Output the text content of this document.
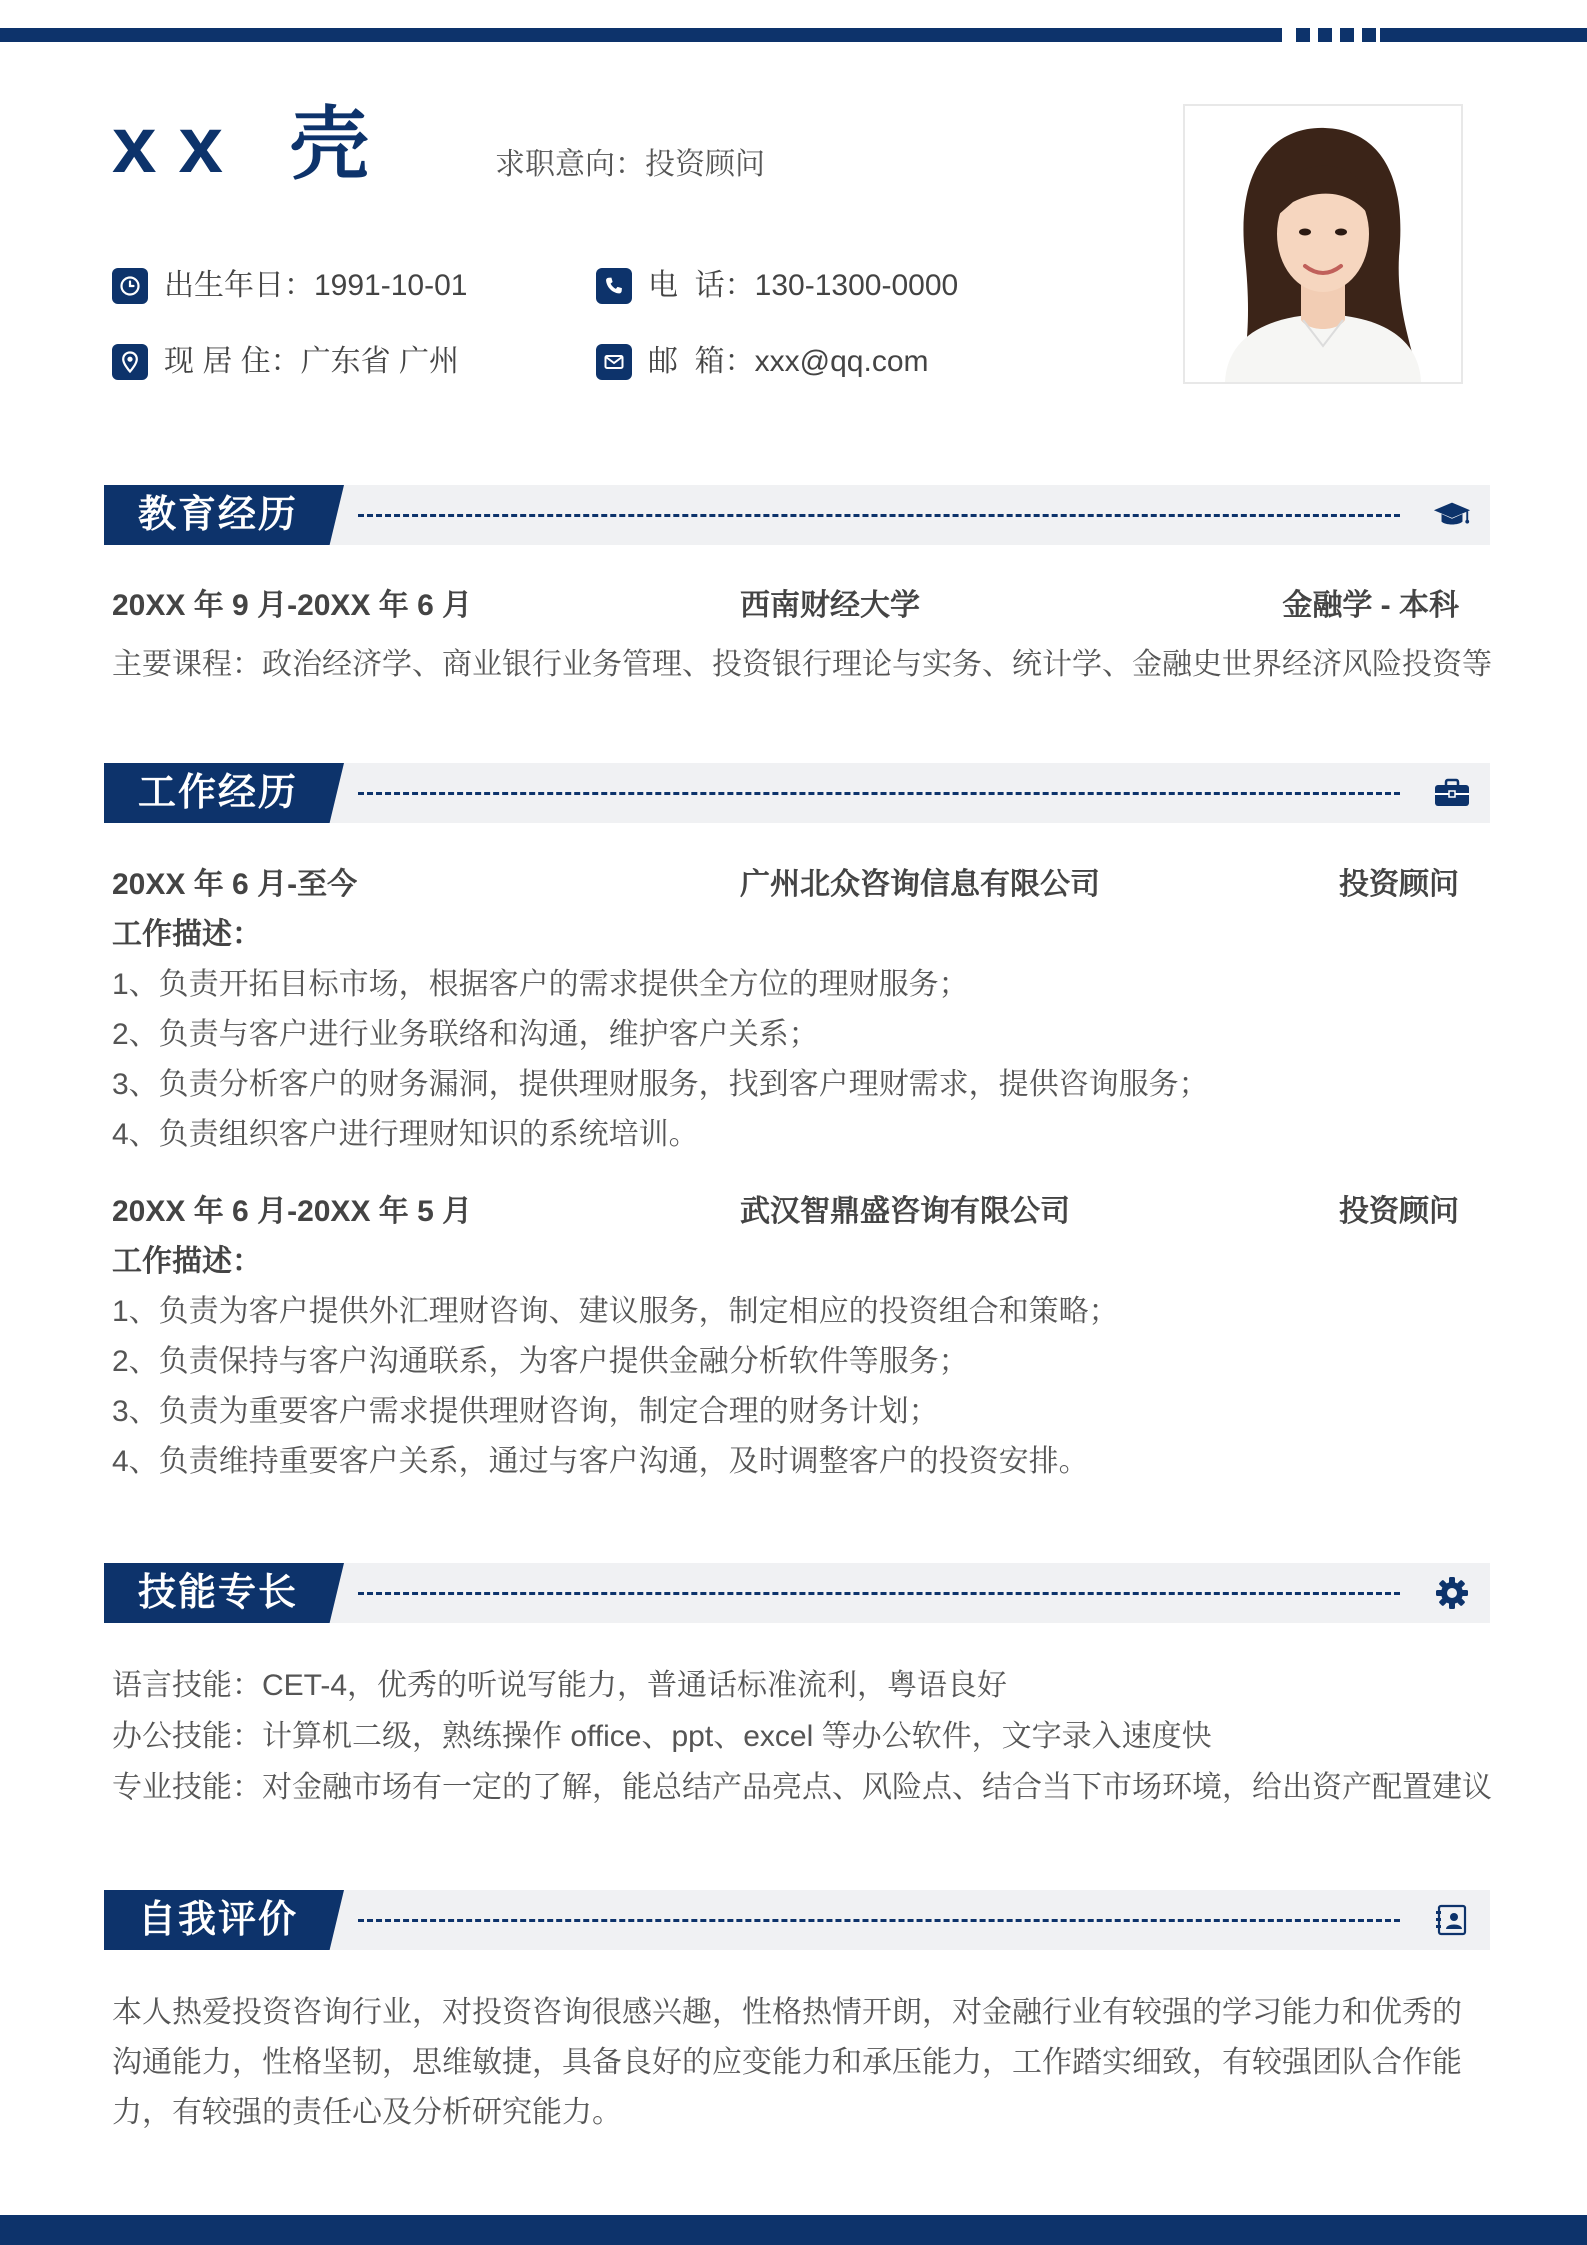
xx 壳	求职意向：投资顾问
出生年日： 1991-10-01	电  话： 130-1300-0000
现 居 住： 广东省 广州	邮  箱： xxx@qq.com
教育经历
20XX 年 9 月-20XX 年 6 月	西南财经大学	金融学 - 本科
主要课程：政治经济学、商业银行业务管理、投资银行理论与实务、统计学、金融史世界经济风险投资等
工作经历
20XX 年 6 月-至今	广州北众咨询信息有限公司	投资顾问
工作描述：
1、负责开拓目标市场，根据客户的需求提供全方位的理财服务；
2、负责与客户进行业务联络和沟通，维护客户关系；
3、负责分析客户的财务漏洞，提供理财服务，找到客户理财需求，提供咨询服务；
4、负责组织客户进行理财知识的系统培训。
20XX 年 6 月-20XX 年 5 月	武汉智鼎盛咨询有限公司	投资顾问
工作描述：
1、负责为客户提供外汇理财咨询、建议服务，制定相应的投资组合和策略；
2、负责保持与客户沟通联系，为客户提供金融分析软件等服务；
3、负责为重要客户需求提供理财咨询，制定合理的财务计划；
4、负责维持重要客户关系，通过与客户沟通，及时调整客户的投资安排。
技能专长
语言技能：CET-4，优秀的听说写能力，普通话标准流利，粤语良好
办公技能：计算机二级，熟练操作 office、ppt、excel 等办公软件，文字录入速度快
专业技能：对金融市场有一定的了解，能总结产品亮点、风险点、结合当下市场环境，给出资产配置建议
自我评价
本人热爱投资咨询行业，对投资咨询很感兴趣，性格热情开朗，对金融行业有较强的学习能力和优秀的沟通能力，性格坚韧，思维敏捷，具备良好的应变能力和承压能力，工作踏实细致，有较强团队合作能力，有较强的责任心及分析研究能力。
